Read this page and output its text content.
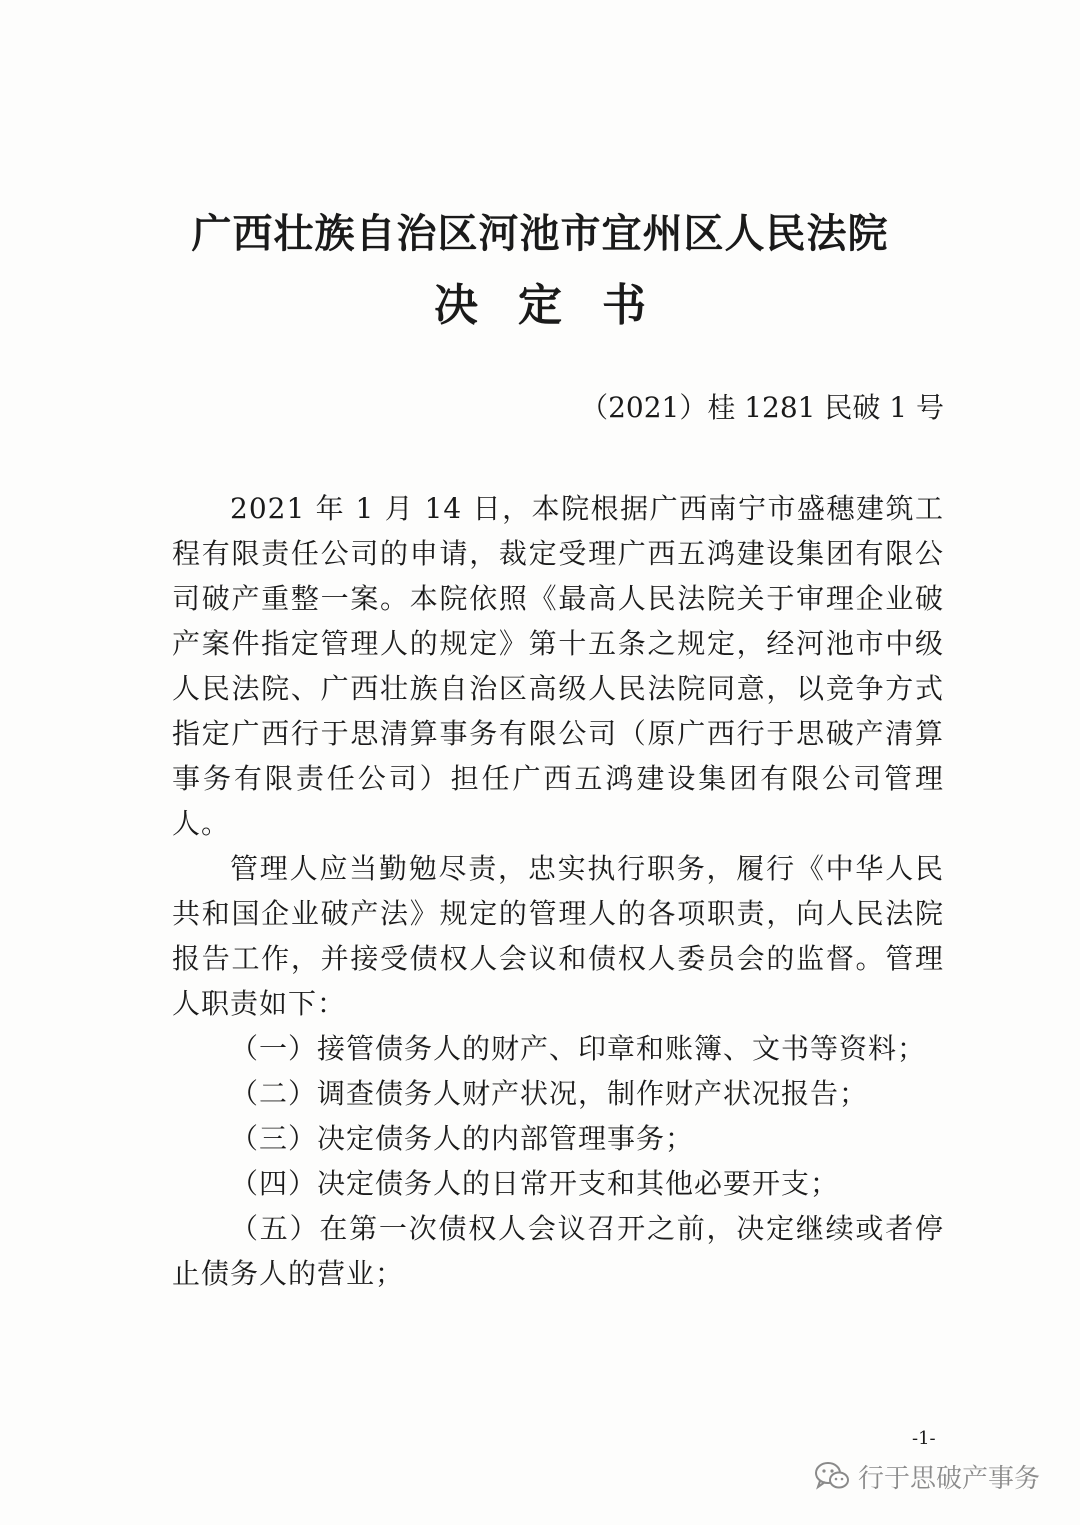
广西壮族自治区河池市宜州区人民法院
决定书
（2021）桂 1281 民破 1 号

2021 年 1 月 14 日，本院根据广西南宁市盛穗建筑工程有限责任公司的申请，裁定受理广西五鸿建设集团有限公司破产重整一案。本院依照《最高人民法院关于审理企业破产案件指定管理人的规定》第十五条之规定，经河池市中级人民法院、广西壮族自治区高级人民法院同意，以竞争方式指定广西行于思清算事务有限公司（原广西行于思破产清算事务有限责任公司）担任广西五鸿建设集团有限公司管理人。

管理人应当勤勉尽责，忠实执行职务，履行《中华人民共和国企业破产法》规定的管理人的各项职责，向人民法院报告工作，并接受债权人会议和债权人委员会的监督。管理人职责如下：

（一）接管债务人的财产、印章和账簿、文书等资料；

（二）调查债务人财产状况，制作财产状况报告；

（三）决定债务人的内部管理事务；

（四）决定债务人的日常开支和其他必要开支；

（五）在第一次债权人会议召开之前，决定继续或者停止债务人的营业；

-1-
行于思破产事务
